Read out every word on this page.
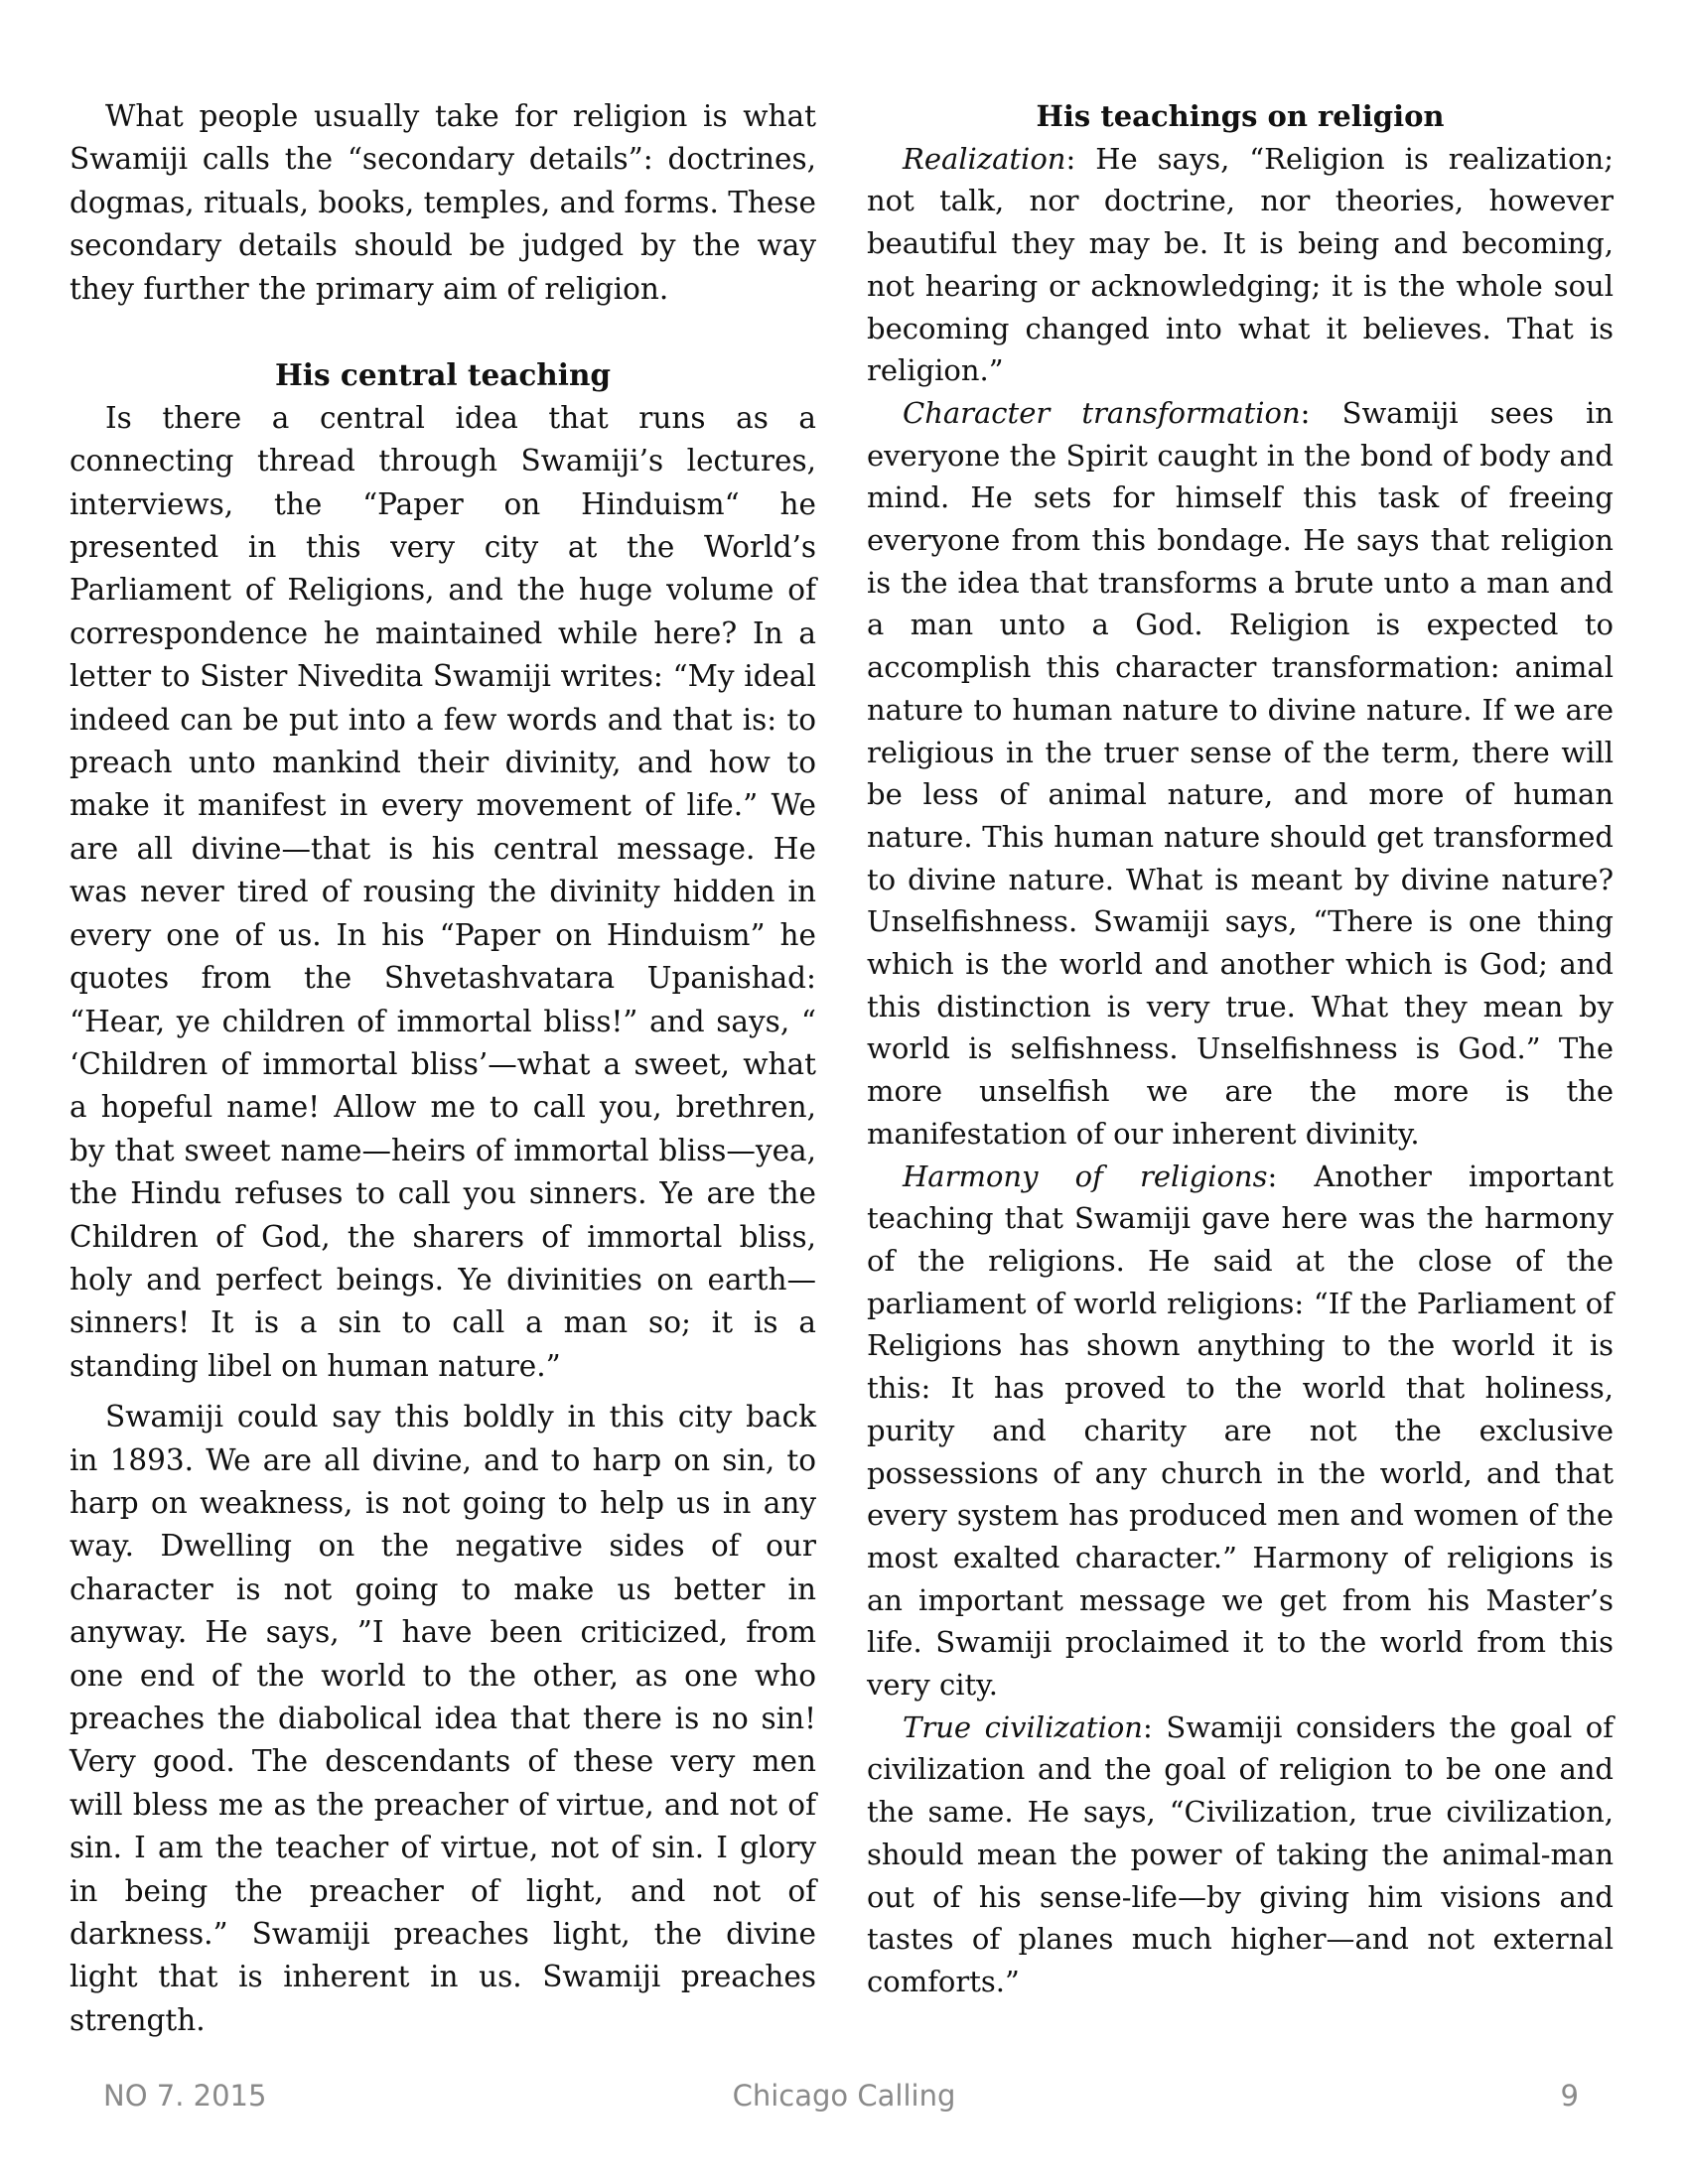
What people usually take for religion is what Swamiji calls the “secondary details”: doctrines, dogmas, rituals, books, temples, and forms. These secondary details should be judged by the way they further the primary aim of religion.

His central teaching

Is there a central idea that runs as a connecting thread through Swamiji’s lectures, interviews, the “Paper on Hinduism“ he presented in this very city at the World’s Parliament of Religions, and the huge volume of correspondence he maintained while here? In a letter to Sister Nivedita Swamiji writes: “My ideal indeed can be put into a few words and that is: to preach unto mankind their divinity, and how to make it manifest in every movement of life.” We are all divine—that is his central message. He was never tired of rousing the divinity hidden in every one of us. In his “Paper on Hinduism” he quotes from the Shvetashvatara Upanishad: “Hear, ye children of immortal bliss!” and says, “ ‘Children of immortal bliss’—what a sweet, what a hopeful name! Allow me to call you, brethren, by that sweet name—heirs of immortal bliss—yea, the Hindu refuses to call you sinners. Ye are the Children of God, the sharers of immortal bliss, holy and perfect beings. Ye divinities on earth—sinners! It is a sin to call a man so; it is a standing libel on human nature.”

Swamiji could say this boldly in this city back in 1893. We are all divine, and to harp on sin, to harp on weakness, is not going to help us in any way. Dwelling on the negative sides of our character is not going to make us better in anyway. He says, ”I have been criticized, from one end of the world to the other, as one who preaches the diabolical idea that there is no sin! Very good. The descendants of these very men will bless me as the preacher of virtue, and not of sin. I am the teacher of virtue, not of sin. I glory in being the preacher of light, and not of darkness.” Swamiji preaches light, the divine light that is inherent in us. Swamiji preaches strength.

His teachings on religion

Realization: He says, “Religion is realization; not talk, nor doctrine, nor theories, however beautiful they may be. It is being and becoming, not hearing or acknowledging; it is the whole soul becoming changed into what it believes. That is religion.”

Character transformation: Swamiji sees in everyone the Spirit caught in the bond of body and mind. He sets for himself this task of freeing everyone from this bondage. He says that religion is the idea that transforms a brute unto a man and a man unto a God. Religion is expected to accomplish this character transformation: animal nature to human nature to divine nature. If we are religious in the truer sense of the term, there will be less of animal nature, and more of human nature. This human nature should get transformed to divine nature. What is meant by divine nature? Unselfishness. Swamiji says, “There is one thing which is the world and another which is God; and this distinction is very true. What they mean by world is selfishness. Unselfishness is God.” The more unselfish we are the more is the manifestation of our inherent divinity.

Harmony of religions: Another important teaching that Swamiji gave here was the harmony of the religions. He said at the close of the parliament of world religions: “If the Parliament of Religions has shown anything to the world it is this: It has proved to the world that holiness, purity and charity are not the exclusive possessions of any church in the world, and that every system has produced men and women of the most exalted character.” Harmony of religions is an important message we get from his Master’s life. Swamiji proclaimed it to the world from this very city.

True civilization: Swamiji considers the goal of civilization and the goal of religion to be one and the same. He says, “Civilization, true civilization, should mean the power of taking the animal-man out of his sense-life—by giving him visions and tastes of planes much higher—and not external comforts.”

Chicago Calling
NO 7. 2015	9
